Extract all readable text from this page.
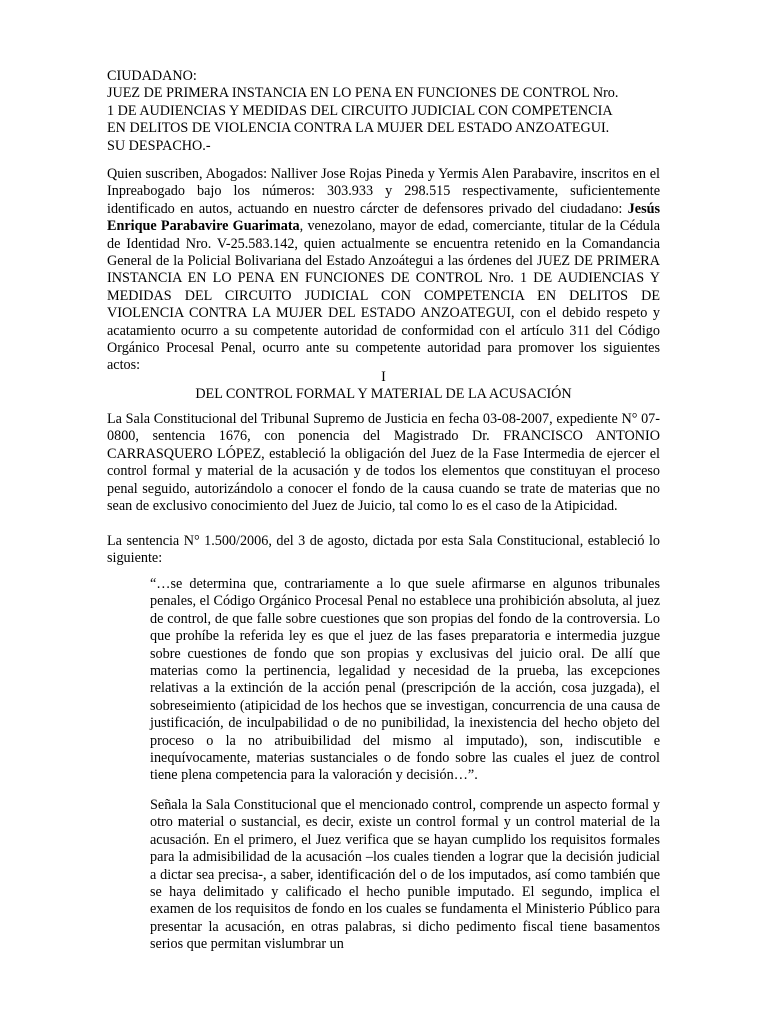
CIUDADANO:
JUEZ DE PRIMERA INSTANCIA EN LO PENA EN FUNCIONES DE CONTROL Nro.
1 DE AUDIENCIAS Y MEDIDAS DEL CIRCUITO JUDICIAL CON COMPETENCIA
EN DELITOS DE VIOLENCIA CONTRA LA MUJER DEL ESTADO ANZOATEGUI.
SU DESPACHO.-

Quien suscriben, Abogados: Nalliver Jose Rojas Pineda y Yermis Alen Parabavire, inscritos en el Inpreabogado bajo los números: 303.933 y 298.515 respectivamente, suficientemente identificado en autos, actuando en nuestro cárcter de defensores privado del ciudadano: Jesús Enrique Parabavire Guarimata, venezolano, mayor de edad, comerciante, titular de la Cédula de Identidad Nro. V-25.583.142, quien actualmente se encuentra retenido en la Comandancia General de la Policial Bolivariana del Estado Anzoátegui a las órdenes del JUEZ DE PRIMERA INSTANCIA EN LO PENA EN FUNCIONES DE CONTROL Nro. 1 DE AUDIENCIAS Y MEDIDAS DEL CIRCUITO JUDICIAL CON COMPETENCIA EN DELITOS DE VIOLENCIA CONTRA LA MUJER DEL ESTADO ANZOATEGUI, con el debido respeto y acatamiento ocurro a su competente autoridad de conformidad con el artículo 311 del Código Orgánico Procesal Penal, ocurro ante su competente autoridad para promover los siguientes actos:

I
DEL CONTROL FORMAL Y MATERIAL DE LA ACUSACIÓN

La Sala Constitucional del Tribunal Supremo de Justicia en fecha 03-08-2007, expediente N° 07-0800, sentencia 1676, con ponencia del Magistrado Dr. FRANCISCO ANTONIO CARRASQUERO LÓPEZ, estableció la obligación del Juez de la Fase Intermedia de ejercer el control formal y material de la acusación y de todos los elementos que constituyan el proceso penal seguido, autorizándolo a conocer el fondo de la causa cuando se trate de materias que no sean de exclusivo conocimiento del Juez de Juicio, tal como lo es el caso de la Atipicidad.

La sentencia N° 1.500/2006, del 3 de agosto, dictada por esta Sala Constitucional, estableció lo siguiente:

“…se determina que, contrariamente a lo que suele afirmarse en algunos tribunales penales, el Código Orgánico Procesal Penal no establece una prohibición absoluta, al juez de control, de que falle sobre cuestiones que son propias del fondo de la controversia. Lo que prohíbe la referida ley es que el juez de las fases preparatoria e intermedia juzgue sobre cuestiones de fondo que son propias y exclusivas del juicio oral. De allí que materias como la pertinencia, legalidad y necesidad de la prueba, las excepciones relativas a la extinción de la acción penal (prescripción de la acción, cosa juzgada), el sobreseimiento (atipicidad de los hechos que se investigan, concurrencia de una causa de justificación, de inculpabilidad o de no punibilidad, la inexistencia del hecho objeto del proceso o la no atribuibilidad del mismo al imputado), son, indiscutible e inequívocamente, materias sustanciales o de fondo sobre las cuales el juez de control tiene plena competencia para la valoración y decisión…”.

Señala la Sala Constitucional que el mencionado control, comprende un aspecto formal y otro material o sustancial, es decir, existe un control formal y un control material de la acusación. En el primero, el Juez verifica que se hayan cumplido los requisitos formales para la admisibilidad de la acusación –los cuales tienden a lograr que la decisión judicial a dictar sea precisa-, a saber, identificación del o de los imputados, así como también que se haya delimitado y calificado el hecho punible imputado. El segundo, implica el examen de los requisitos de fondo en los cuales se fundamenta el Ministerio Público para presentar la acusación, en otras palabras, si dicho pedimento fiscal tiene basamentos serios que permitan vislumbrar un
